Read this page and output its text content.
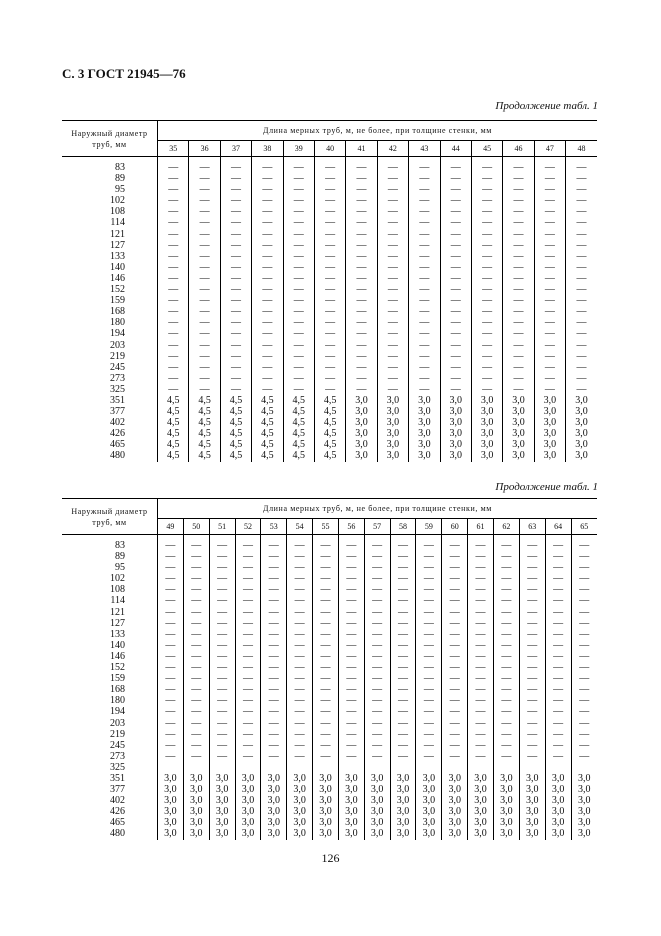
С. 3 ГОСТ 21945—76
Продолжение табл. 1
Наружный диаметр труб, мм	Длина мерных труб, м, не более, при толщине стенки, мм													
	35	36	37	38	39	40	41	42	43	44	45	46	47	48
83	—	—	—	—	—	—	—	—	—	—	—	—	—	—
89	—	—	—	—	—	—	—	—	—	—	—	—	—	—
95	—	—	—	—	—	—	—	—	—	—	—	—	—	—
102	—	—	—	—	—	—	—	—	—	—	—	—	—	—
108	—	—	—	—	—	—	—	—	—	—	—	—	—	—
114	—	—	—	—	—	—	—	—	—	—	—	—	—	—
121	—	—	—	—	—	—	—	—	—	—	—	—	—	—
127	—	—	—	—	—	—	—	—	—	—	—	—	—	—
133	—	—	—	—	—	—	—	—	—	—	—	—	—	—
140	—	—	—	—	—	—	—	—	—	—	—	—	—	—
146	—	—	—	—	—	—	—	—	—	—	—	—	—	—
152	—	—	—	—	—	—	—	—	—	—	—	—	—	—
159	—	—	—	—	—	—	—	—	—	—	—	—	—	—
168	—	—	—	—	—	—	—	—	—	—	—	—	—	—
180	—	—	—	—	—	—	—	—	—	—	—	—	—	—
194	—	—	—	—	—	—	—	—	—	—	—	—	—	—
203	—	—	—	—	—	—	—	—	—	—	—	—	—	—
219	—	—	—	—	—	—	—	—	—	—	—	—	—	—
245	—	—	—	—	—	—	—	—	—	—	—	—	—	—
273	—	—	—	—	—	—	—	—	—	—	—	—	—	—
325	—	—	—	—	—	—	—	—	—	—	—	—	—	—
351	4,5	4,5	4,5	4,5	4,5	4,5	3,0	3,0	3,0	3,0	3,0	3,0	3,0	3,0
377	4,5	4,5	4,5	4,5	4,5	4,5	3,0	3,0	3,0	3,0	3,0	3,0	3,0	3,0
402	4,5	4,5	4,5	4,5	4,5	4,5	3,0	3,0	3,0	3,0	3,0	3,0	3,0	3,0
426	4,5	4,5	4,5	4,5	4,5	4,5	3,0	3,0	3,0	3,0	3,0	3,0	3,0	3,0
465	4,5	4,5	4,5	4,5	4,5	4,5	3,0	3,0	3,0	3,0	3,0	3,0	3,0	3,0
480	4,5	4,5	4,5	4,5	4,5	4,5	3,0	3,0	3,0	3,0	3,0	3,0	3,0	3,0
Продолжение табл. 1
Наружный диаметр труб, мм	Длина мерных труб, м, не более, при толщине стенки, мм																
	49	50	51	52	53	54	55	56	57	58	59	60	61	62	63	64	65
83	—	—	—	—	—	—	—	—	—	—	—	—	—	—	—	—	—
89	—	—	—	—	—	—	—	—	—	—	—	—	—	—	—	—	—
95	—	—	—	—	—	—	—	—	—	—	—	—	—	—	—	—	—
102	—	—	—	—	—	—	—	—	—	—	—	—	—	—	—	—	—
108	—	—	—	—	—	—	—	—	—	—	—	—	—	—	—	—	—
114	—	—	—	—	—	—	—	—	—	—	—	—	—	—	—	—	—
121	—	—	—	—	—	—	—	—	—	—	—	—	—	—	—	—	—
127	—	—	—	—	—	—	—	—	—	—	—	—	—	—	—	—	—
133	—	—	—	—	—	—	—	—	—	—	—	—	—	—	—	—	—
140	—	—	—	—	—	—	—	—	—	—	—	—	—	—	—	—	—
146	—	—	—	—	—	—	—	—	—	—	—	—	—	—	—	—	—
152	—	—	—	—	—	—	—	—	—	—	—	—	—	—	—	—	—
159	—	—	—	—	—	—	—	—	—	—	—	—	—	—	—	—	—
168	—	—	—	—	—	—	—	—	—	—	—	—	—	—	—	—	—
180	—	—	—	—	—	—	—	—	—	—	—	—	—	—	—	—	—
194	—	—	—	—	—	—	—	—	—	—	—	—	—	—	—	—	—
203	—	—	—	—	—	—	—	—	—	—	—	—	—	—	—	—	—
219	—	—	—	—	—	—	—	—	—	—	—	—	—	—	—	—	—
245	—	—	—	—	—	—	—	—	—	—	—	—	—	—	—	—	—
273	—	—	—	—	—	—	—	—	—	—	—	—	—	—	—	—	—
325																	
351	3,0	3,0	3,0	3,0	3,0	3,0	3,0	3,0	3,0	3,0	3,0	3,0	3,0	3,0	3,0	3,0	3,0
377	3,0	3,0	3,0	3,0	3,0	3,0	3,0	3,0	3,0	3,0	3,0	3,0	3,0	3,0	3,0	3,0	3,0
402	3,0	3,0	3,0	3,0	3,0	3,0	3,0	3,0	3,0	3,0	3,0	3,0	3,0	3,0	3,0	3,0	3,0
426	3,0	3,0	3,0	3,0	3,0	3,0	3,0	3,0	3,0	3,0	3,0	3,0	3,0	3,0	3,0	3,0	3,0
465	3,0	3,0	3,0	3,0	3,0	3,0	3,0	3,0	3,0	3,0	3,0	3,0	3,0	3,0	3,0	3,0	3,0
480	3,0	3,0	3,0	3,0	3,0	3,0	3,0	3,0	3,0	3,0	3,0	3,0	3,0	3,0	3,0	3,0	3,0
126
